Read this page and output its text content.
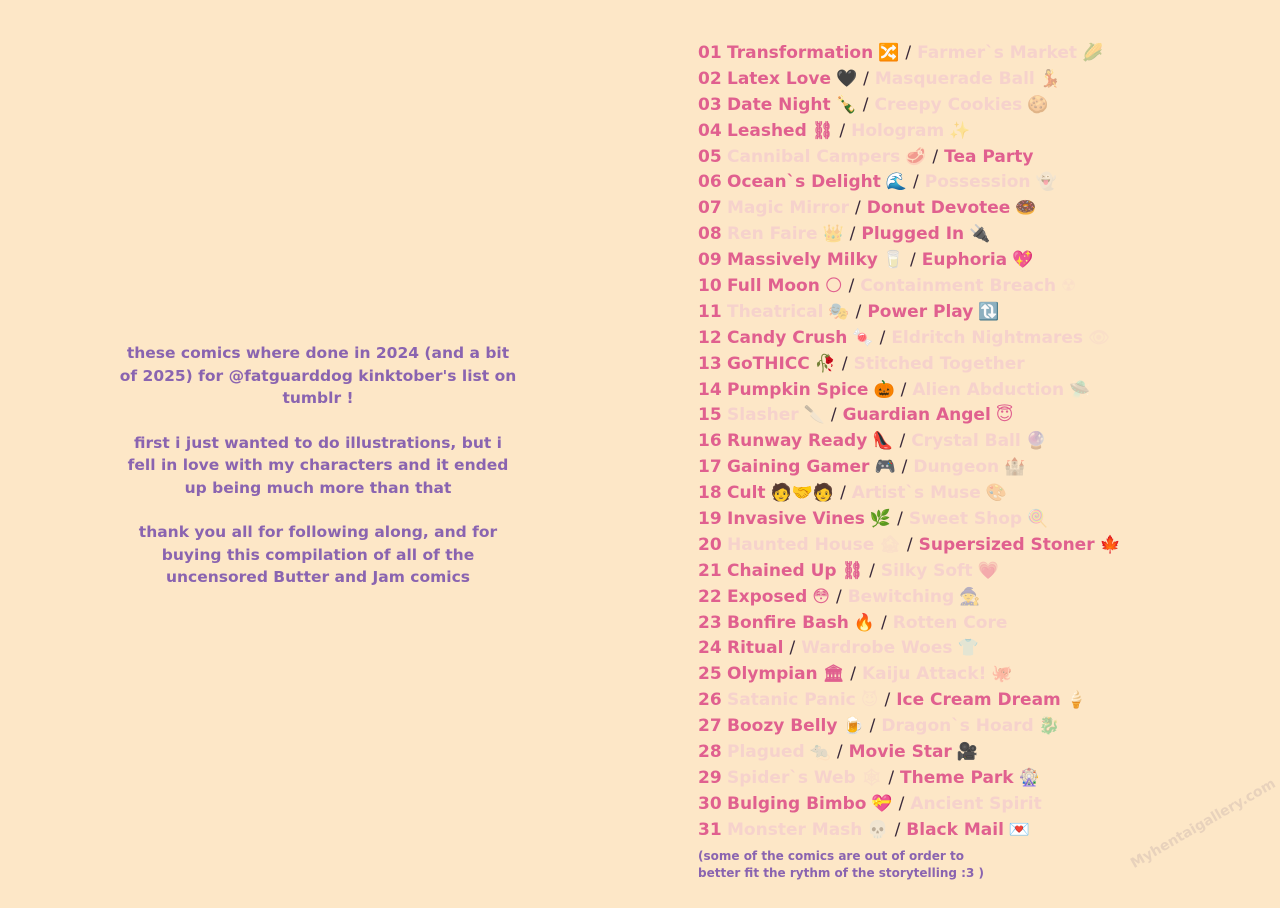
these comics where done in 2024 (and a bit of 2025) for @fatguarddog kinktober's list on tumblr !

first i just wanted to do illustrations, but i fell in love with my characters and it ended up being much more than that

thank you all for following along, and for buying this compilation of all of the uncensored Butter and Jam comics

01 Transformation 🔀 / Farmer`s Market 🌽
02 Latex Love 🖤 / Masquerade Ball 💃
03 Date Night 🍾 / Creepy Cookies 🍪
04 Leashed ⛓ / Hologram ✨
05 Cannibal Campers 🥩 / Tea Party
06 Ocean`s Delight 🌊 / Possession 👻
07 Magic Mirror / Donut Devotee 🍩
08 Ren Faire 👑 / Plugged In 🔌
09 Massively Milky 🥛 / Euphoria 💖
10 Full Moon 🌕 / Containment Breach ☢
11 Theatrical 🎭 / Power Play 🔃
12 Candy Crush 🍬 / Eldritch Nightmares 👁
13 GoTHICC 🥀 / Stitched Together
14 Pumpkin Spice 🎃 / Alien Abduction 🛸
15 Slasher 🔪 / Guardian Angel 😇
16 Runway Ready 👠 / Crystal Ball 🔮
17 Gaining Gamer 🎮 / Dungeon 🏰
18 Cult 🧑🤝🧑 / Artist`s Muse 🎨
19 Invasive Vines 🌿 / Sweet Shop 🍭
20 Haunted House 🏚 / Supersized Stoner 🍁
21 Chained Up ⛓ / Silky Soft 💗
22 Exposed 😳 / Bewitching 🧙
23 Bonfire Bash 🔥 / Rotten Core
24 Ritual / Wardrobe Woes 👕
25 Olympian 🏛 / Kaiju Attack! 🐙
26 Satanic Panic 😈 / Ice Cream Dream 🍦
27 Boozy Belly 🍺 / Dragon`s Hoard 🐉
28 Plagued 🐀 / Movie Star 🎥
29 Spider`s Web 🕸 / Theme Park 🎡
30 Bulging Bimbo 💝 / Ancient Spirit
31 Monster Mash 💀 / Black Mail 💌
(some of the comics are out of order to
better fit the rythm of the storytelling :3 )
Myhentaigallery.com
